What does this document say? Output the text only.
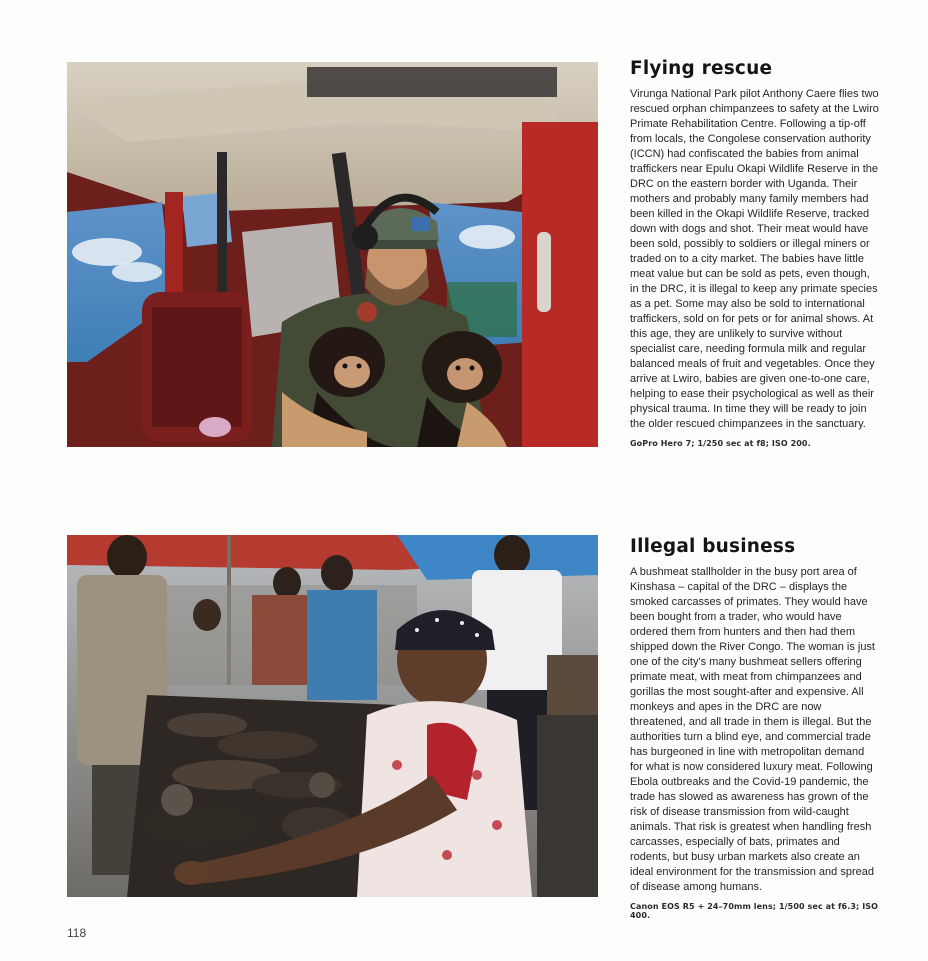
Flying rescue

Virunga National Park pilot Anthony Caere flies two rescued orphan chimpanzees to safety at the Lwiro Primate Rehabilitation Centre. Following a tip-off from locals, the Congolese conservation authority (ICCN) had confiscated the babies from animal traffickers near Epulu Okapi Wildlife Reserve in the DRC on the eastern border with Uganda. Their mothers and probably many family members had been killed in the Okapi Wildlife Reserve, tracked down with dogs and shot. Their meat would have been sold, possibly to soldiers or illegal miners or traded on to a city market. The babies have little meat value but can be sold as pets, even though, in the DRC, it is illegal to keep any primate species as a pet. Some may also be sold to international traffickers, sold on for pets or for animal shows. At this age, they are unlikely to survive without specialist care, needing formula milk and regular balanced meals of fruit and vegetables. Once they arrive at Lwiro, babies are given one-to-one care, helping to ease their psychological as well as their physical trauma. In time they will be ready to join the older rescued chimpanzees in the sanctuary.

GoPro Hero 7; 1/250 sec at f8; ISO 200.

Illegal business

A bushmeat stallholder in the busy port area of Kinshasa – capital of the DRC – displays the smoked carcasses of primates. They would have been bought from a trader, who would have ordered them from hunters and then had them shipped down the River Congo. The woman is just one of the city's many bushmeat sellers offering primate meat, with meat from chimpanzees and gorillas the most sought-after and expensive. All monkeys and apes in the DRC are now threatened, and all trade in them is illegal. But the authorities turn a blind eye, and commercial trade has burgeoned in line with metropolitan demand for what is now considered luxury meat. Following Ebola outbreaks and the Covid-19 pandemic, the trade has slowed as awareness has grown of the risk of disease transmission from wild-caught animals. That risk is greatest when handling fresh carcasses, especially of bats, primates and rodents, but busy urban markets also create an ideal environment for the transmission and spread of disease among humans.

Canon EOS R5 + 24–70mm lens; 1/500 sec at f6.3; ISO 400.

118
